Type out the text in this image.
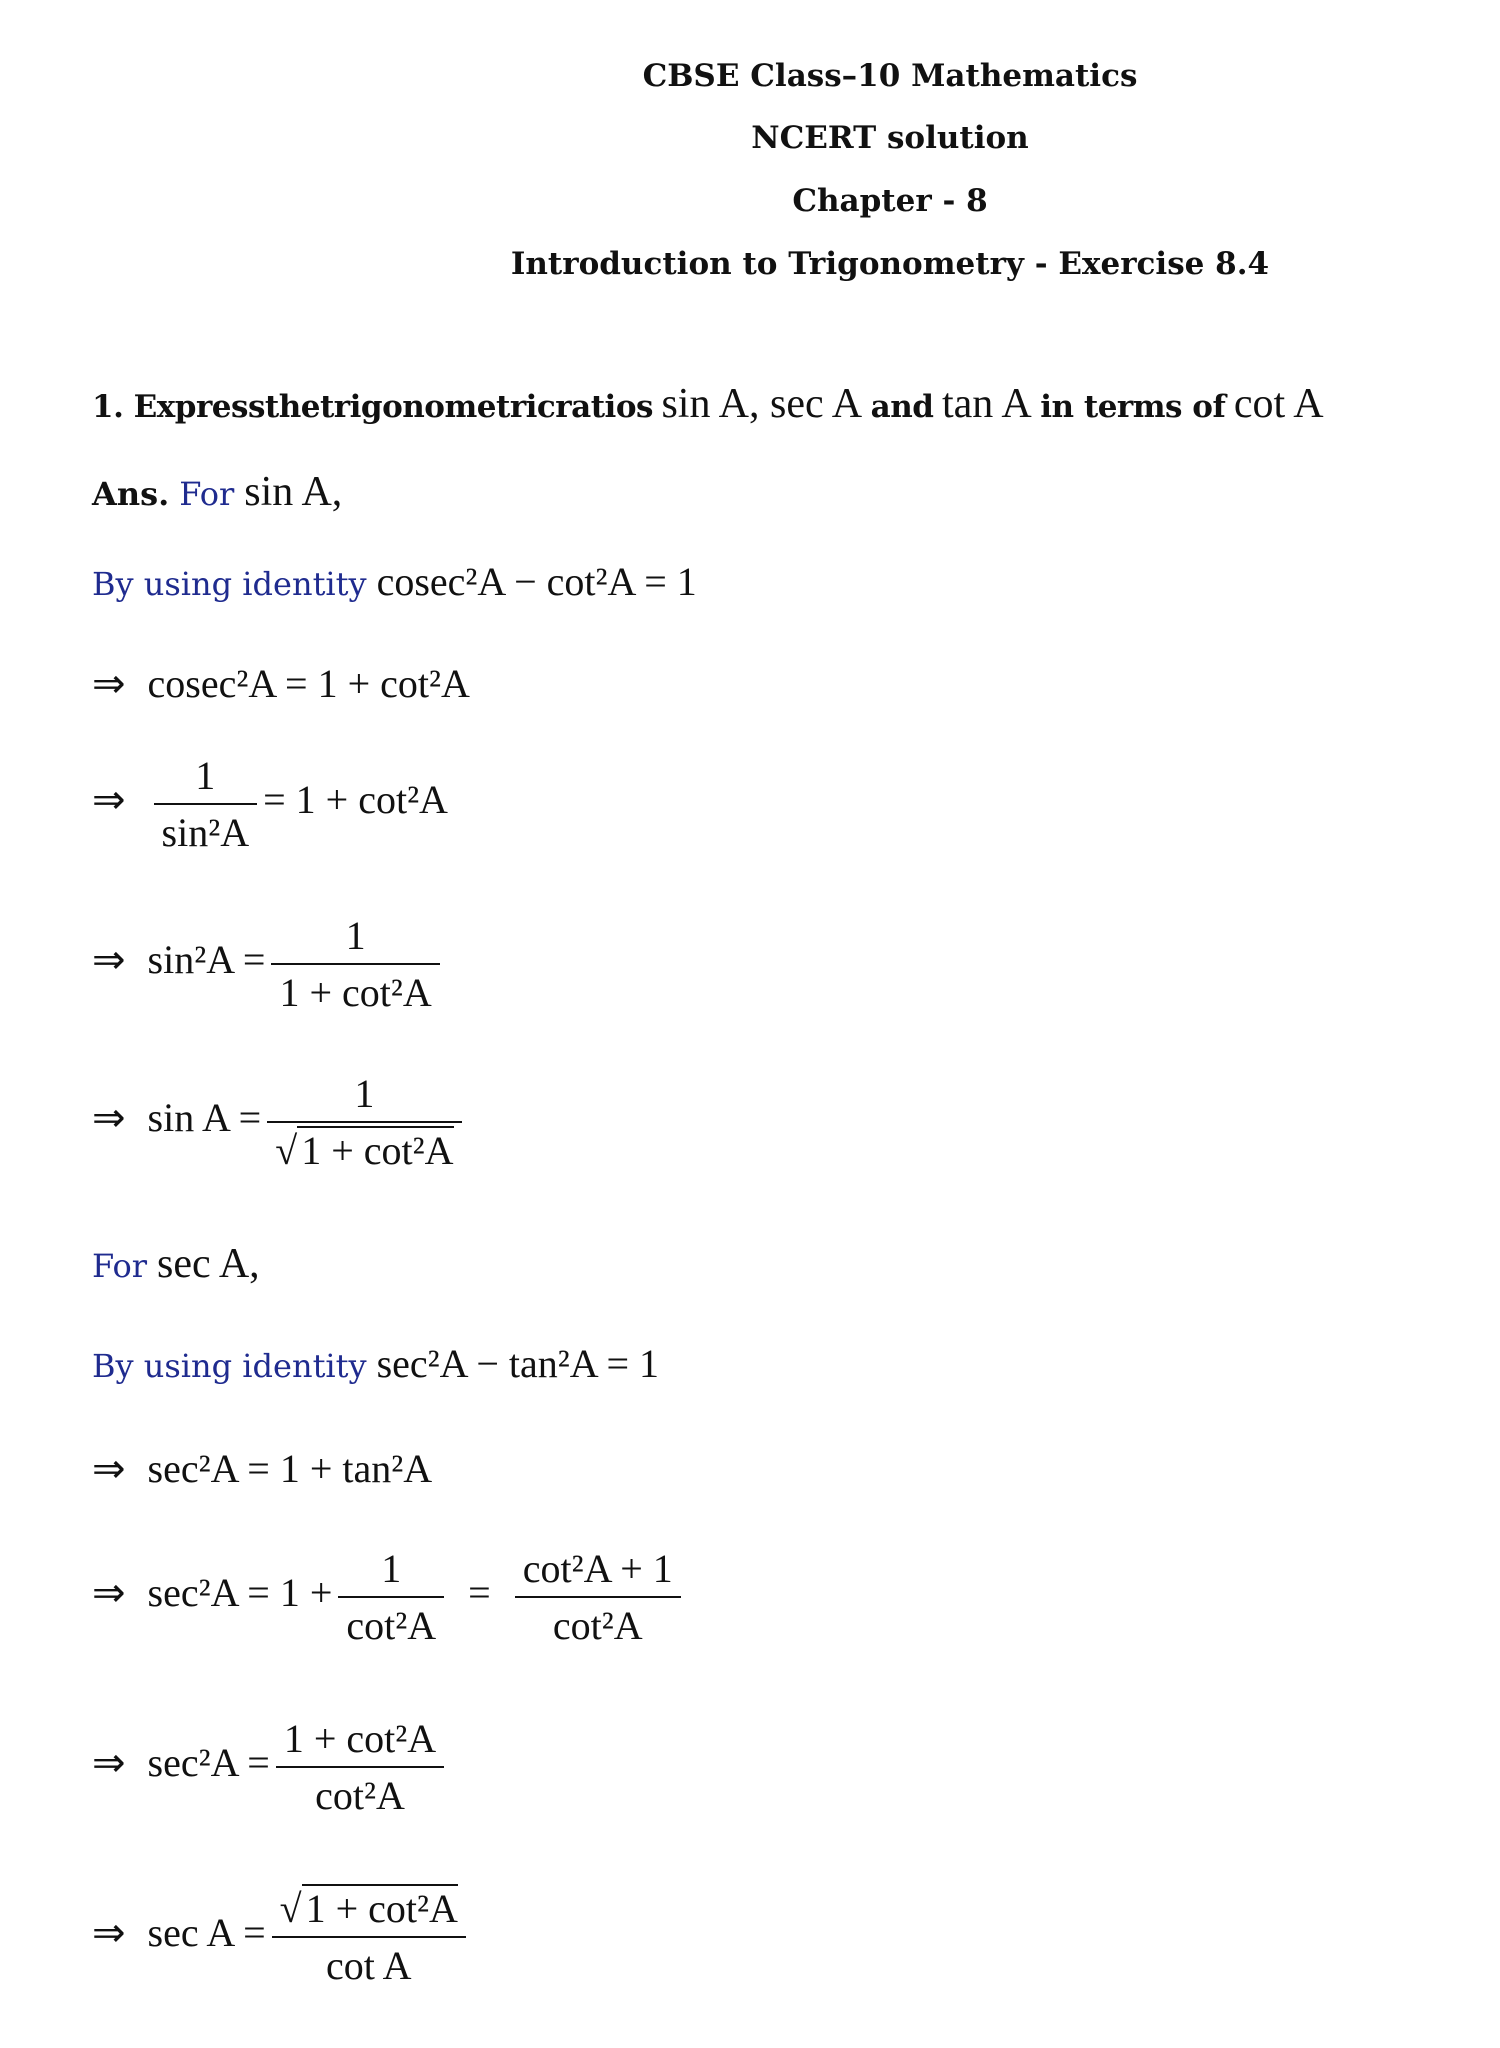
CBSE Class–10 Mathematics
NCERT solution
Chapter - 8
Introduction to Trigonometry - Exercise 8.4
1. Expressthetrigonometricratios sin A, sec A and tan A in terms of cot A
Ans. For sin A,
By using identity cosec²A − cot²A = 1
⇒ cosec²A = 1 + cot²A
⇒ $\frac{1}{\text{sin²A}} = 1 + \cot^2A$
⇒ $\sin^2A = \frac{1}{\text{1 + cot²A}}$
⇒ $\sin A = \frac{1}{\text{√ 1 + cot²A}}$
For sec A,
By using identity sec²A − tan²A = 1
⇒ sec²A = 1 + tan²A
⇒ $\sec^2A = 1 + \frac{1}{\text{cot²A}} = \frac{\text{cot²A + 1}}{\text{cot²A}}$
⇒ $\sec^2A = \frac{\text{1 + cot²A}}{\text{cot²A}}$
⇒ $\sec A = \frac{\text{√ 1 + cot²A}}{\text{cot A}}$
